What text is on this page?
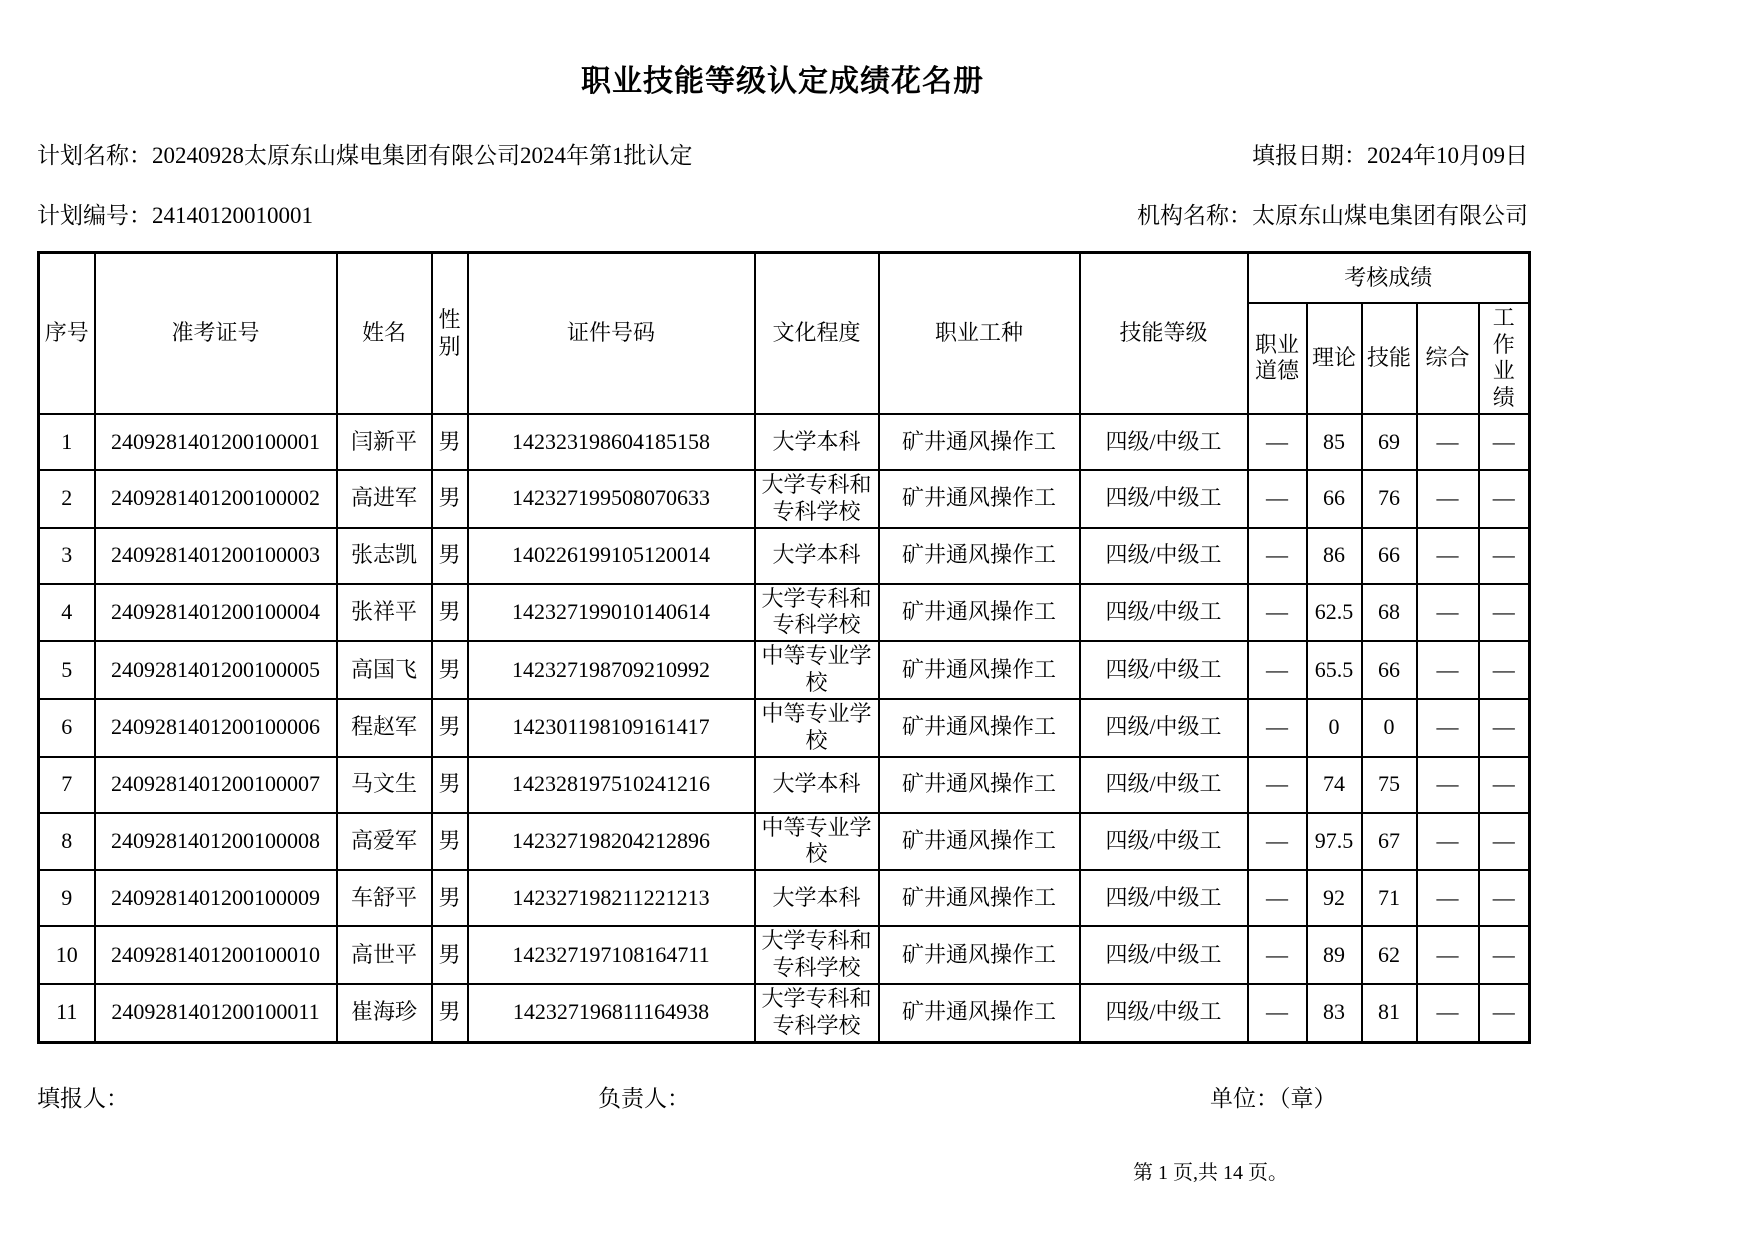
职业技能等级认定成绩花名册
计划名称：20240928太原东山煤电集团有限公司2024年第1批认定	填报日期：2024年10月09日
计划编号：24140120010001	机构名称：太原东山煤电集团有限公司
序号	准考证号	姓名	性别	证件号码	文化程度	职业工种	技能等级	考核成绩				
								职业道德	理论	技能	综合	工作业绩
1	2409281401200100001	闫新平	男	142323198604185158	大学本科	矿井通风操作工	四级/中级工	—	85	69	—	—
2	2409281401200100002	高进军	男	142327199508070633	大学专科和专科学校	矿井通风操作工	四级/中级工	—	66	76	—	—
3	2409281401200100003	张志凯	男	140226199105120014	大学本科	矿井通风操作工	四级/中级工	—	86	66	—	—
4	2409281401200100004	张祥平	男	142327199010140614	大学专科和专科学校	矿井通风操作工	四级/中级工	—	62.5	68	—	—
5	2409281401200100005	高国飞	男	142327198709210992	中等专业学校	矿井通风操作工	四级/中级工	—	65.5	66	—	—
6	2409281401200100006	程赵军	男	142301198109161417	中等专业学校	矿井通风操作工	四级/中级工	—	0	0	—	—
7	2409281401200100007	马文生	男	142328197510241216	大学本科	矿井通风操作工	四级/中级工	—	74	75	—	—
8	2409281401200100008	高爱军	男	142327198204212896	中等专业学校	矿井通风操作工	四级/中级工	—	97.5	67	—	—
9	2409281401200100009	车舒平	男	142327198211221213	大学本科	矿井通风操作工	四级/中级工	—	92	71	—	—
10	2409281401200100010	高世平	男	142327197108164711	大学专科和专科学校	矿井通风操作工	四级/中级工	—	89	62	—	—
11	2409281401200100011	崔海珍	男	142327196811164938	大学专科和专科学校	矿井通风操作工	四级/中级工	—	83	81	—	—
填报人：	负责人：	单位：（章）
第 1 页,共 14 页。
